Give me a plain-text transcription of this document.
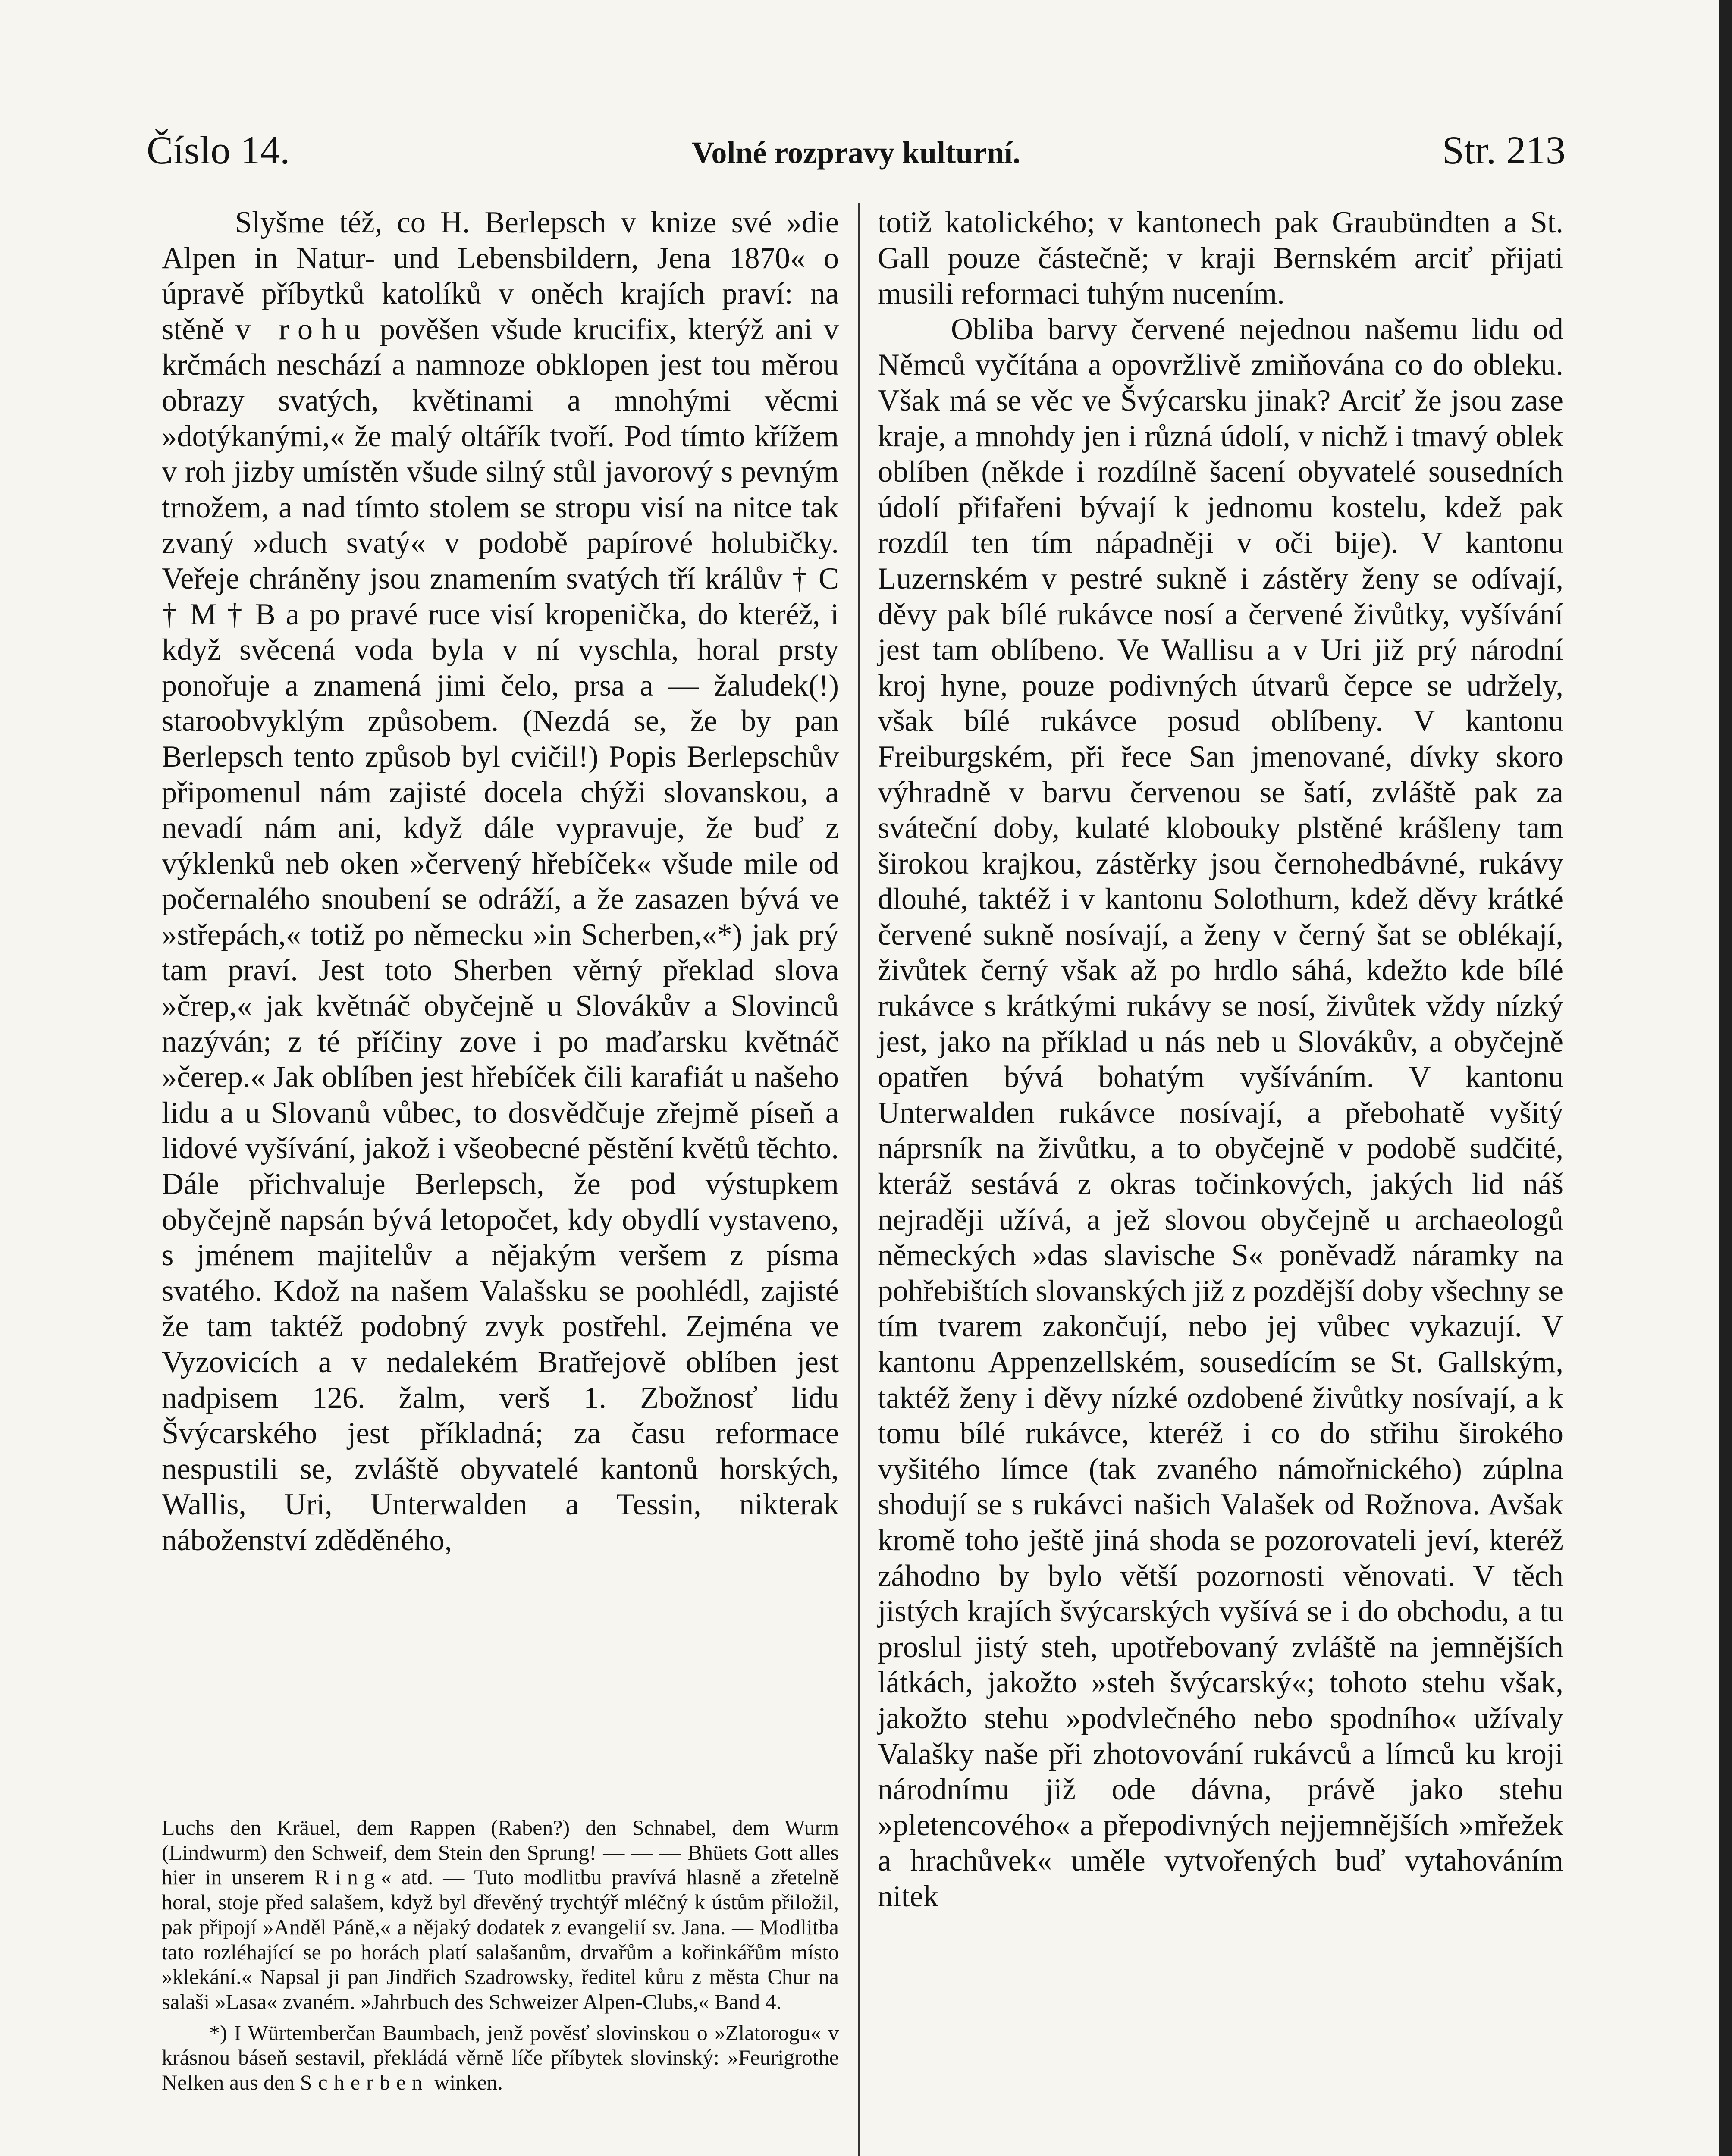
Číslo 14.	Volné rozpravy kulturní.	Str. 213

Slyšme též, co H. Berlepsch v knize své »die Alpen in Natur- und Lebensbildern, Jena 1870« o úpravě příbytků katolíků v oněch krajích praví: na stěně v rohu pověšen všude krucifix, kterýž ani v krčmách neschází a namnoze obklopen jest tou měrou obrazy svatých, květinami a mnohými věcmi »dotýkanými,« že malý oltářík tvoří. Pod tímto křížem v roh jizby umístěn všude silný stůl javorový s pevným trnožem, a nad tímto stolem se stropu visí na nitce tak zvaný »duch svatý« v podobě papírové holubičky. Veřeje chráněny jsou znamením svatých tří králův † C † M † B a po pravé ruce visí kropenička, do kteréž, i když svěcená voda byla v ní vyschla, horal prsty ponořuje a znamená jimi čelo, prsa a — žaludek(!) staroobvyklým způsobem. (Nezdá se, že by pan Berlepsch tento způsob byl cvičil!) Popis Berlepschův připomenul nám zajisté docela chýži slovanskou, a nevadí nám ani, když dále vypravuje, že buď z výklenků neb oken »červený hřebíček« všude mile od počernalého snoubení se odráží, a že zasazen bývá ve »střepách,« totiž po německu »in Scherben,«*) jak prý tam praví. Jest toto Sherben věrný překlad slova »črep,« jak květnáč obyčejně u Slovákův a Slovinců nazýván; z té příčiny zove i po maďarsku květnáč »čerep.« Jak oblíben jest hřebíček čili karafiát u našeho lidu a u Slovanů vůbec, to dosvědčuje zřejmě píseň a lidové vyšívání, jakož i všeobecné pěstění květů těchto. Dále přichvaluje Berlepsch, že pod výstupkem obyčejně napsán bývá letopočet, kdy obydlí vystaveno, s jménem majitelův a nějakým veršem z písma svatého. Kdož na našem Valašsku se poohlédl, zajisté že tam taktéž podobný zvyk postřehl. Zejména ve Vyzovicích a v nedalekém Bratřejově oblíben jest nadpisem 126. žalm, verš 1. Zbožnosť lidu Švýcarského jest příkladná; za času reformace nespustili se, zvláště obyvatelé kantonů horských, Wallis, Uri, Unterwalden a Tessin, nikterak náboženství zděděného,

Luchs den Kräuel, dem Rappen (Raben?) den Schnabel, dem Wurm (Lindwurm) den Schweif, dem Stein den Sprung! — — — Bhüets Gott alles hier in unserem Ring« atd. — Tuto modlitbu pravívá hlasně a zřetelně horal, stoje před salašem, když byl dřevěný trychtýř mléčný k ústům přiložil, pak připojí »Anděl Páně,« a nějaký dodatek z evangelií sv. Jana. — Modlitba tato rozléhající se po horách platí salašanům, drvařům a kořinkářům místo »klekání.« Napsal ji pan Jindřich Szadrowsky, ředitel kůru z města Chur na salaši »Lasa« zvaném. »Jahrbuch des Schweizer Alpen-Clubs,« Band 4.

*) I Würtemberčan Baumbach, jenž pověsť slovinskou o »Zlatorogu« v krásnou báseň sestavil, překládá věrně líče příbytek slovinský: »Feurigrothe Nelken aus den Scherben winken.

totiž katolického; v kantonech pak Graubündten a St. Gall pouze částečně; v kraji Bernském arciť přijati musili reformaci tuhým nucením.

Obliba barvy červené nejednou našemu lidu od Němců vyčítána a opovržlivě zmiňována co do obleku. Však má se věc ve Švýcarsku jinak? Arciť že jsou zase kraje, a mnohdy jen i různá údolí, v nichž i tmavý oblek oblíben (někde i rozdílně šacení obyvatelé sousedních údolí přifařeni bývají k jednomu kostelu, kdež pak rozdíl ten tím nápadněji v oči bije). V kantonu Luzernském v pestré sukně i zástěry ženy se odívají, děvy pak bílé rukávce nosí a červené živůtky, vyšívání jest tam oblíbeno. Ve Wallisu a v Uri již prý národní kroj hyne, pouze podivných útvarů čepce se udržely, však bílé rukávce posud oblíbeny. V kantonu Freiburgském, při řece San jmenované, dívky skoro výhradně v barvu červenou se šatí, zvláště pak za sváteční doby, kulaté klobouky plstěné krášleny tam širokou krajkou, zástěrky jsou černohedbávné, rukávy dlouhé, taktéž i v kantonu Solothurn, kdež děvy krátké červené sukně nosívají, a ženy v černý šat se oblékají, živůtek černý však až po hrdlo sáhá, kdežto kde bílé rukávce s krátkými rukávy se nosí, živůtek vždy nízký jest, jako na příklad u nás neb u Slovákův, a obyčejně opatřen bývá bohatým vyšíváním. V kantonu Unterwalden rukávce nosívají, a přebohatě vyšitý náprsník na živůtku, a to obyčejně v podobě sudčité, kteráž sestává z okras točinkových, jakých lid náš nejraději užívá, a jež slovou obyčejně u archaeologů německých »das slavische S« poněvadž náramky na pohřebištích slovanských již z pozdější doby všechny se tím tvarem zakončují, nebo jej vůbec vykazují. V kantonu Appenzellském, sousedícím se St. Gallským, taktéž ženy i děvy nízké ozdobené živůtky nosívají, a k tomu bílé rukávce, kteréž i co do střihu širokého vyšitého límce (tak zvaného námořnického) zúplna shodují se s rukávci našich Valašek od Rožnova. Avšak kromě toho ještě jiná shoda se pozorovateli jeví, kteréž záhodno by bylo větší pozornosti věnovati. V těch jistých krajích švýcarských vyšívá se i do obchodu, a tu proslul jistý steh, upotřebovaný zvláště na jemnějších látkách, jakožto »steh švýcarský«; tohoto stehu však, jakožto stehu »podvlečného nebo spodního« užívaly Valašky naše při zhotovování rukávců a límců ku kroji národnímu již ode dávna, právě jako stehu »pletencového« a přepodivných nejjemnějších »mřežek a hrachůvek« uměle vytvořených buď vytahováním nitek
